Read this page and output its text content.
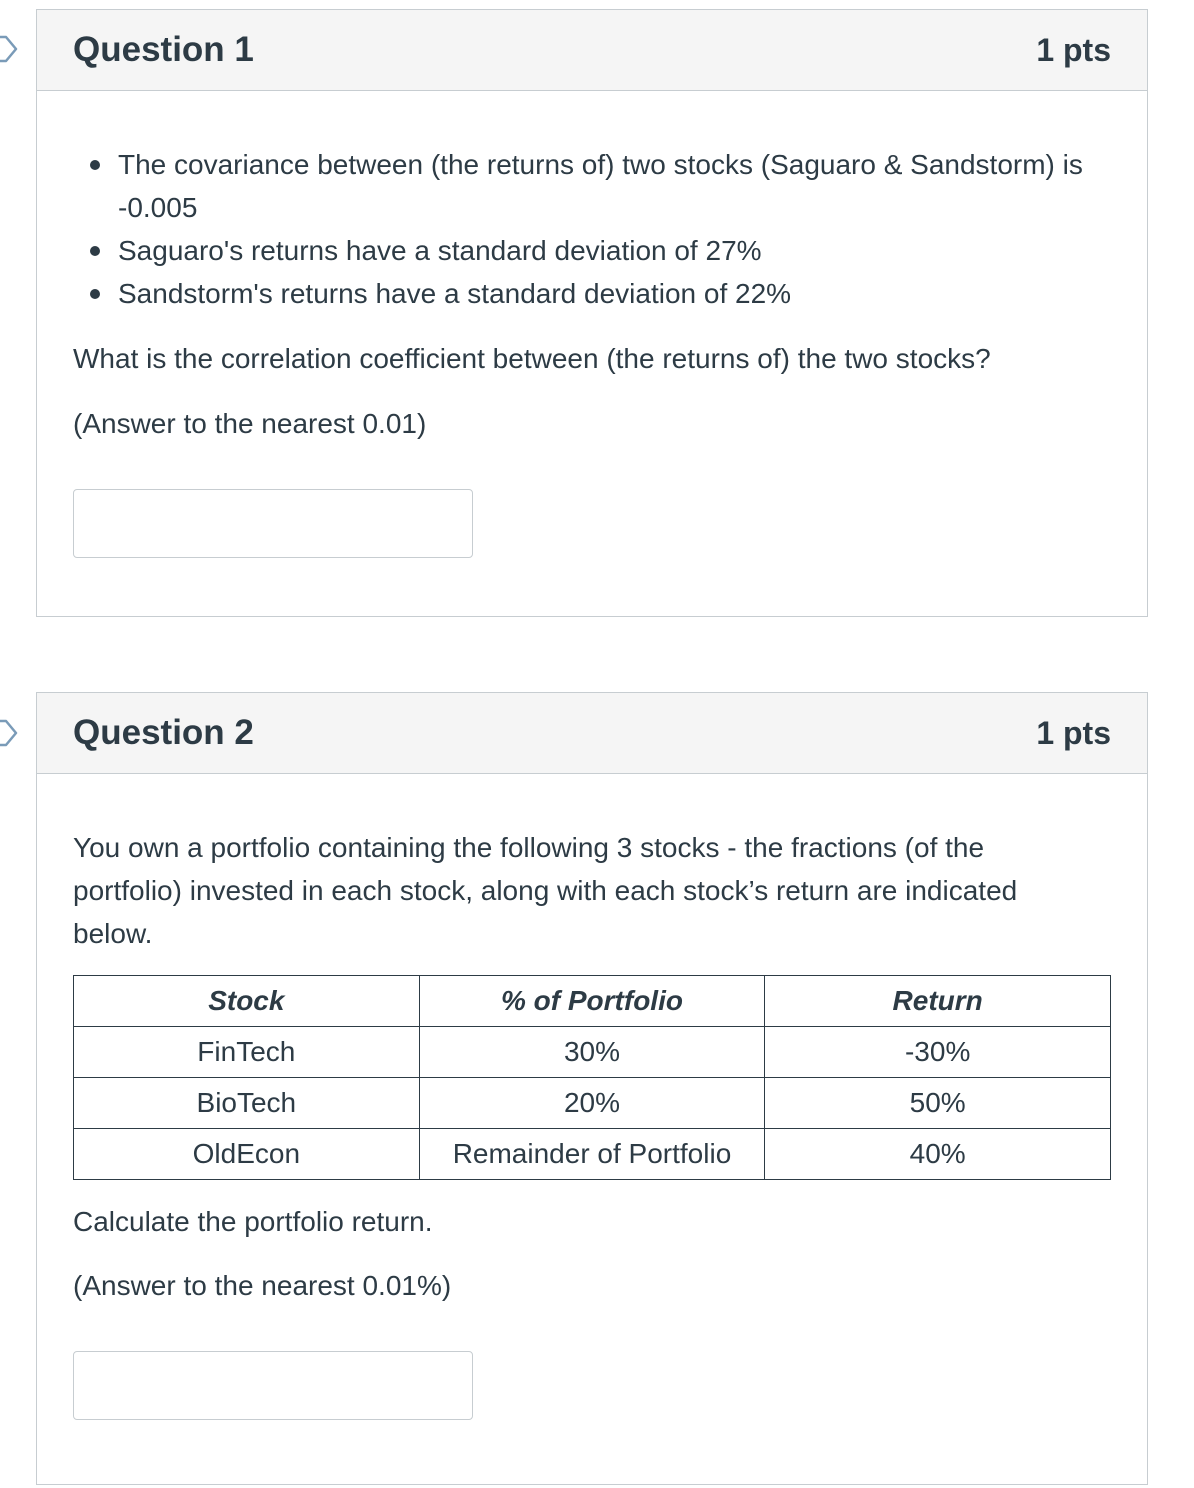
Question 1	1 pts
The covariance between (the returns of) two stocks (Saguaro & Sandstorm) is -0.005
Saguaro's returns have a standard deviation of 27%
Sandstorm's returns have a standard deviation of 22%

What is the correlation coefficient between (the returns of) the two stocks?

(Answer to the nearest 0.01)

Question 2	1 pts

You own a portfolio containing the following 3 stocks - the fractions (of the portfolio) invested in each stock, along with each stock’s return are indicated below.

Stock	% of Portfolio	Return
FinTech	30%	-30%
BioTech	20%	50%
OldEcon	Remainder of Portfolio	40%

Calculate the portfolio return.

(Answer to the nearest 0.01%)
